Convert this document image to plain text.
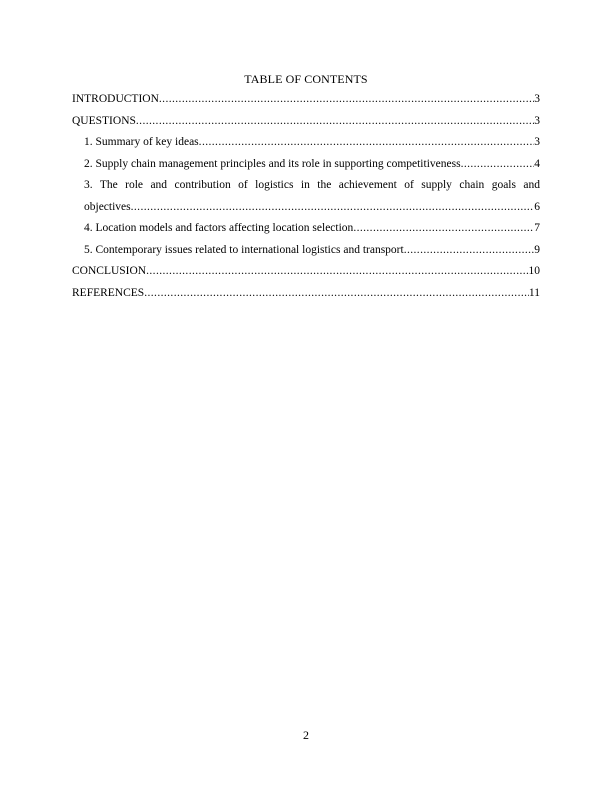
TABLE OF CONTENTS
INTRODUCTION .....	3
QUESTIONS .....	3
1. Summary of key ideas .....	3
2. Supply chain management principles and its role in supporting competitiveness .....	4
3. The role and contribution of logistics in the achievement of supply chain goals and
objectives .....	6
4. Location models and factors affecting location selection .....	7
5. Contemporary issues related to international logistics and transport .....	9
CONCLUSION .....	10
REFERENCES .....	11
2
